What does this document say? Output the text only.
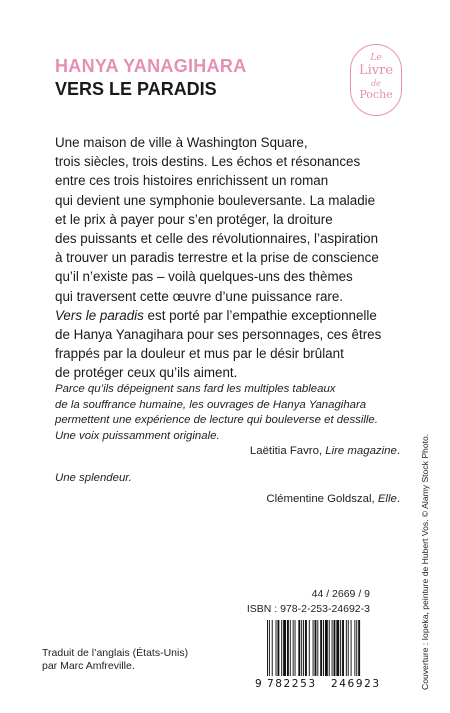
HANYA YANAGIHARA
VERS LE PARADIS
Le
Livre
de
Poche
Une maison de ville à Washington Square,
trois siècles, trois destins. Les échos et résonances
entre ces trois histoires enrichissent un roman
qui devient une symphonie bouleversante. La maladie
et le prix à payer pour s’en protéger, la droiture
des puissants et celle des révolutionnaires, l’aspiration
à trouver un paradis terrestre et la prise de conscience
qu’il n’existe pas – voilà quelques-uns des thèmes
qui traversent cette œuvre d’une puissance rare.
Vers le paradis est porté par l’empathie exceptionnelle
de Hanya Yanagihara pour ses personnages, ces êtres
frappés par la douleur et mus par le désir brûlant
de protéger ceux qu’ils aiment.
Parce qu’ils dépeignent sans fard les multiples tableaux
de la souffrance humaine, les ouvrages de Hanya Yanagihara
permettent une expérience de lecture qui bouleverse et dessille.
Une voix puissamment originale.
Laëtitia Favro, Lire magazine.
Une splendeur.
Clémentine Goldszal, Elle. Couverture : Iopeka, peinture de Hubert Vos. © Alamy Stock Photo.
44 / 2669 / 9
ISBN : 978-2-253-24692-3
Traduit de l’anglais (États-Unis)
par Marc Amfreville.
9 782253 246923
